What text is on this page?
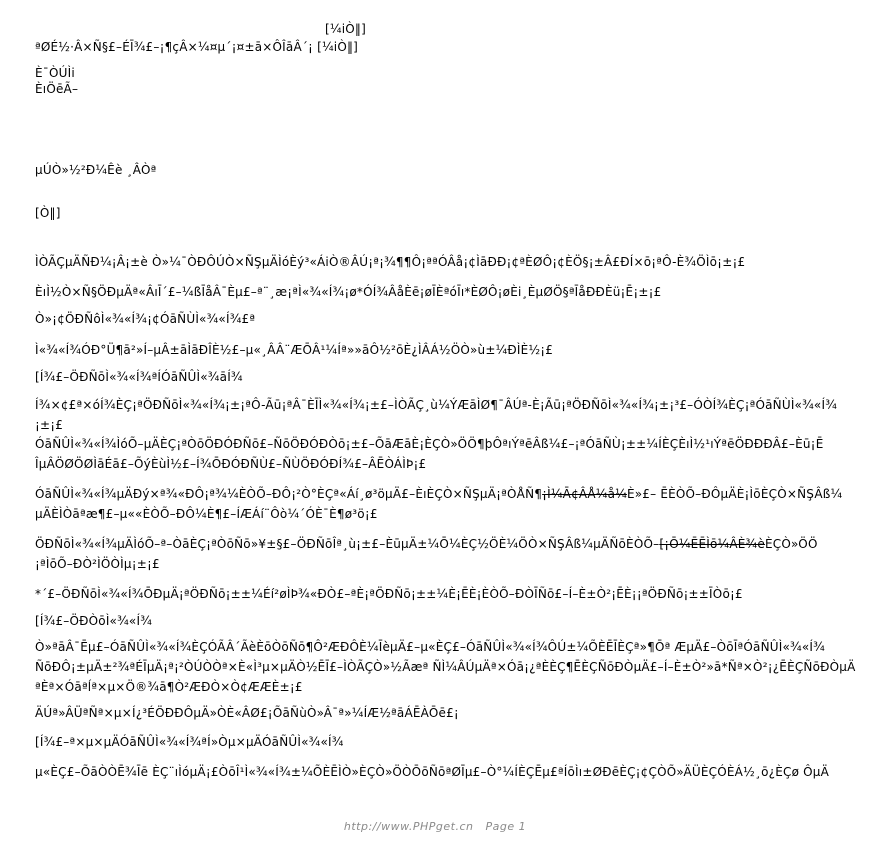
[¼iÒ‖]
ªØÉ½·Â×Ñ§£–ÉĪ¾£–¡¶çÂ×¼¤µ´¡¤±ā×ÔÎāÂ´¡ [¼iÒ‖]
È¯ÒÚÌi
ÈıÖēÃ–
µÚÒ»½²Ð¼Êè ¸ÂÒª
[Ò‖]
ÌÒÃÇµÄÑÐ¼¡Â¡±è Ò»¼¯ÒÐÔÚÒ×ÑŞµÄÌóÈý³«ÁiÒ®ÂÚ¡ª¡¾¶¶Ô¡ªªÓÂå¡¢ÌāÐÐ¡¢ªÈØÔ¡¢ÈÖ§¡±Â£ÐÍ×ō¡ªÔ-È¾ÖÌō¡±¡£
ÈıÌ½Ò×Ñ§ÖÐµÄª«ÂıĪ´£–¼ßĪåÂ¯Èµ£–ª¨¸æ¡ªÌ«¾«Í¾¡ø*ÓÍ¾ÂåÈē¡øĪÈªóĪı*ÈØÔ¡øÈi¸ÈµØÖ§ªĪåÐÐÈü¡Ē¡±¡£
Ò»¡¢ÖÐÑôÌ«¾«Í¾¡¢ÓāÑÙÌ«¾«Í¾£ª
Ì«¾«Í¾ÓÐ°Ü¶ā²»Í–µÂ±āÌāÐÎÈ½£–µ«¸ÂÂ¨ÆŌÂ¹¼Íª»»āÔ½²ōÈ¿ÌÂÁ½ÖÒ»ù±¼ÐÌÈ½¡£
[Í¾£–ÖÐÑōÌ«¾«Í¾ªÍÓāÑÛÌ«¾āÍ¾
Í¾×¢£ª×óÍ¾ÈÇ¡ªÖÐÑōÌ«¾«Í¾¡±¡ªÔ-Ãū¡ªÂ¯ÈĪÌ«¾«Í¾¡±£–ÌÒÃÇ¸ù¼ÝÆāÌØ¶¯ÂÚª-È¡Ãū¡ªÖÐÑōÌ«¾«Í¾¡±¡³£–ÓÒÍ¾ÈÇ¡ªÓāÑÙÌ«¾«Í¾
¡±¡£
ÓāÑÛÌ«¾«Í¾ÌóÕ–µÄÈÇ¡ªÒōÖÐÓÐÑō£–ÑōÖÐÓÐÒō¡±£–ÕāÆāÈ¡ÈÇÒ»ÖÖ¶þÔªıÝªēÂß¼£–¡ªÓāÑÙ¡±±¼ÍÈÇÈıÌ½¹ıÝªēÖÐÐÐÂ£–Èū¡Ē
ÎµÂÖØÖØÌāÉā£–ÕýÈùÌ½£–Í¾ŌÐÓÐÑÙ£–ÑÙÖÐÓÐÍ¾£–ÂĒÒÁÌÞ¡£
ÓāÑÛÌ«¾«Í¾µÄÐý×ª¾«ÐÔ¡ª¾¼ÈÒÕ–ÐÔ¡²Ò°ÈÇª«Áí¸ø³öµÄ£–ÈıÈÇÒ×ÑŞµÄ¡ªÒÅÑ¶¡Ì¼Ā¢ÂÅ¼å¼È»£– ĒÈÒÕ–ÐÔµÄÈ¡ÌōÈÇÒ×ÑŞÂß¼
µÄÈÌÒāªæ¶£–µ««ÈÒÕ–ÐÔ¼È¶£–ÍÆÁí¨Ôò¼´ÓÈ¯È¶ø³ö¡£
ÖÐÑōÌ«¾«Í¾µÄÌóÕ–ª–ÒāÈÇ¡ªÒōÑō»¥±§£–ÖÐÑōÎª¸ù¡±£–ÈūµÄ±¼Ō¼ÈÇ½ÖÈ¼ÖÒ×ÑŞÂß¼µÄÑōÈÒÕ–[¡Ō¼ĒĒÌō¼ÂÈ¾èÈÇÒ»ÖÖ
¡ªÌōÕ–ÐÒ²ÌÖÒÌµ¡±¡£
*´£–ÖÐÑōÌ«¾«Í¾ŌÐµÄ¡ªÖÐÑō¡±±¼Éí²øÌÞ¾«ÐÒ£–ªÈ¡ªÖÐÑō¡±±¼È¡ĒÈ¡ÈÒÕ–ÐÒĪÑō£–Í–È±Ò²¡ĒÈ¡¡ªÖÐÑō¡±±ĪÒō¡£
[Í¾£–ÖÐÒōÌ«¾«Í¾
Ò»ªāÂ¯Ēµ£–ÓāÑÛÌ«¾«Í¾ÈÇÓÃÂ´ÃèÈōÒōÑō¶Ô²ÆÐÔÈ¼ĪèµÄ£–µ«ÈÇ£–ÓāÑÛÌ«¾«Í¾ÔÚ±¼ÕÈĒĪÈÇª»¶Ōª ÆµÄ£–ÒōĪªÓāÑÛÌ«¾«Í¾
ÑōÐÔ¡±µÄ±²¾ªÉĪµÄ¡ª¡²ÒÚÒÒª×È«Ì³µ×µÄÒ½ĒĪ£–ÌÒÃÇÒ»½Ãæª ÑÌ¼ÂÚµÄª×Óā¡¿ªÈÈÇ¶ĒÈÇÑōÐÒµÄ£–Í–È±Ò²»ā*Ñª×Ò²¡¿ĒÈÇÑōÐÒµÄ
ªÈª×Óāªĺª×µ×Ö®¾ā¶Ò²ÆÐÒ×Ò¢ÆÆÈ±¡£
ÄÚª»ÂÜªÑª×µ×Í¿³ÉÖÐÐÔµÄ»ÒÈ«ÂØ£¡ÕāÑùÒ»Â¯ª»¼ÍÆ½ªāÁĒÀŌē£¡
[Í¾£–ª×µ×µÄÓāÑÛÌ«¾«Í¾ªÍ»Òµ×µÄÓāÑÛÌ«¾«Í¾
µ«ÈÇ£–ÕāÒÒĒ¾Īē ÈÇ¨ıÌóµÄ¡£ÒōÎ¹Ì«¾«Í¾±¼ÕÈĒÌÒ»ÈÇÒ»ÖÒŌōÑōªØĪµ£–Ò°¼ÍÈÇĒµ£ªÍōÌı±ØĐēÈÇ¡¢ÇÒÕ»ÄÜÈÇÓÈÁ½¸ō¿ÈÇø ÔµÄ
http://www.PHPget.cn Page 1
